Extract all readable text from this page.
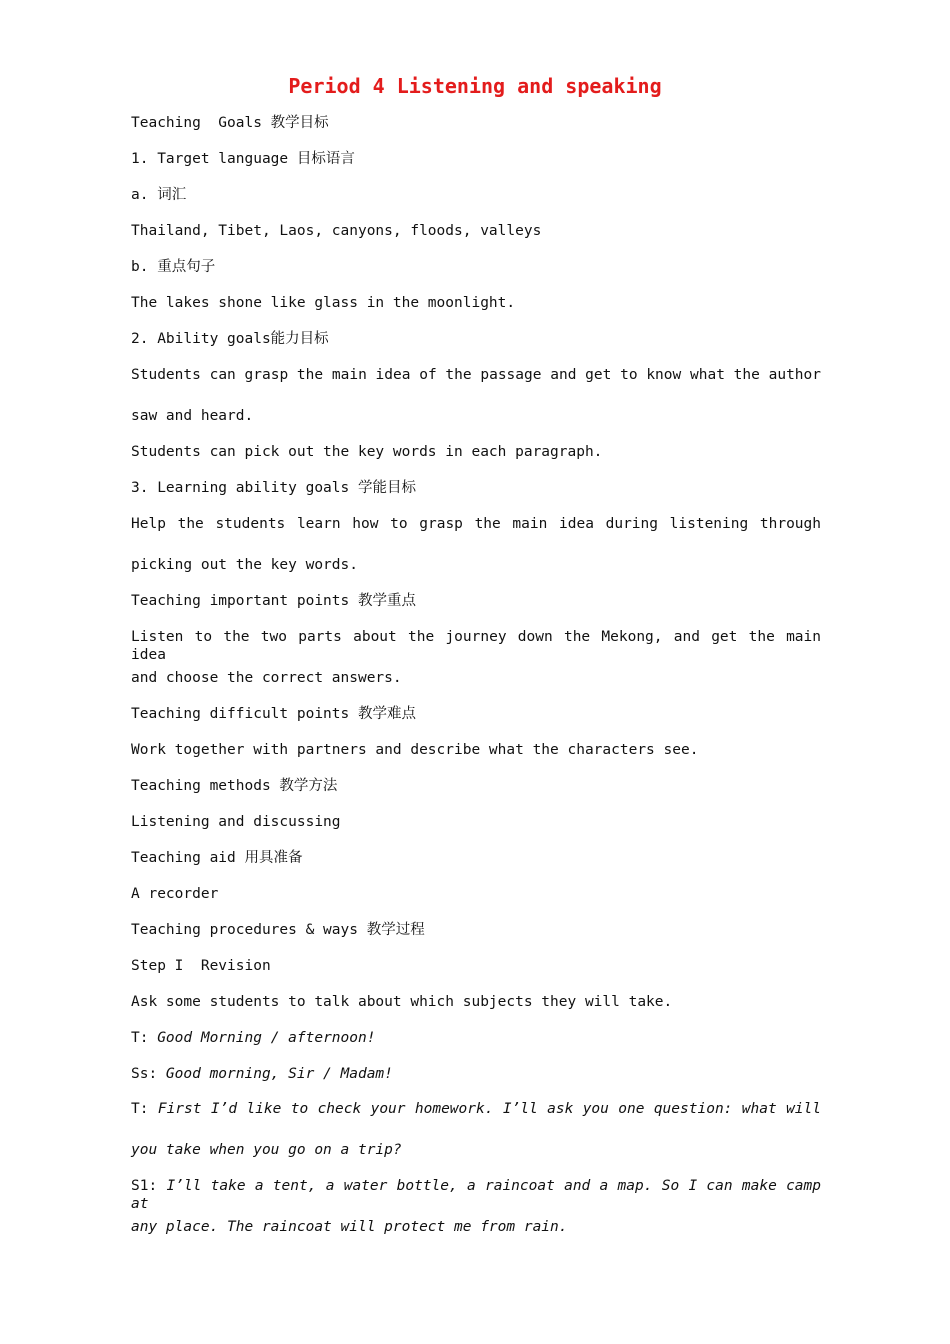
Period 4 Listening and speaking
Teaching  Goals 教学目标
1. Target language 目标语言
a. 词汇
Thailand, Tibet, Laos, canyons, floods, valleys
b. 重点句子
The lakes shone like glass in the moonlight.
2. Ability goals能力目标
Students can grasp the main idea of the passage and get to know what the author
saw and heard.
Students can pick out the key words in each paragraph.
3. Learning ability goals 学能目标
Help the students learn how to grasp the main idea during listening through
picking out the key words.
Teaching important points 教学重点
Listen to the two parts about the journey down the Mekong, and get the main idea
and choose the correct answers.
Teaching difficult points 教学难点
Work together with partners and describe what the characters see.
Teaching methods 教学方法
Listening and discussing
Teaching aid 用具准备
A recorder
Teaching procedures & ways 教学过程
Step I  Revision
Ask some students to talk about which subjects they will take.
T: Good Morning / afternoon!
Ss: Good morning, Sir / Madam!
T: First I’d like to check your homework. I’ll ask you one question: what will
you take when you go on a trip?
S1: I’ll take a tent, a water bottle, a raincoat and a map. So I can make camp at
any place. The raincoat will protect me from rain.
